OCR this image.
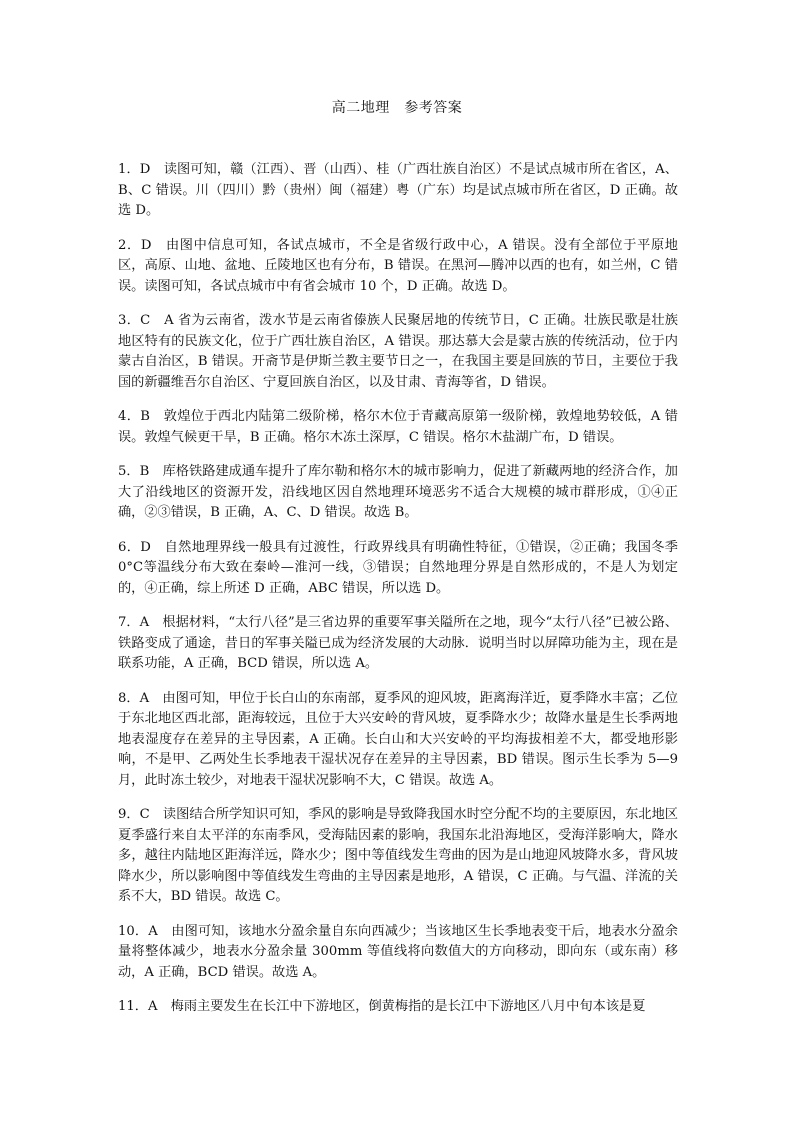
高二地理　参考答案

1．D　读图可知，赣（江西）、晋（山西）、桂（广西壮族自治区）不是试点城市所在省区，A、B、C 错误。川（四川）黔（贵州）闽（福建）粤（广东）均是试点城市所在省区，D 正确。故选 D。

2．D　由图中信息可知，各试点城市，不全是省级行政中心，A 错误。没有全部位于平原地区，高原、山地、盆地、丘陵地区也有分布，B 错误。在黑河—腾冲以西的也有，如兰州，C 错误。读图可知，各试点城市中有省会城市 10 个，D 正确。故选 D。

3．C　A 省为云南省，泼水节是云南省傣族人民聚居地的传统节日，C 正确。壮族民歌是壮族地区特有的民族文化，位于广西壮族自治区，A 错误。那达慕大会是蒙古族的传统活动，位于内蒙古自治区，B 错误。开斋节是伊斯兰教主要节日之一，在我国主要是回族的节日，主要位于我国的新疆维吾尔自治区、宁夏回族自治区，以及甘肃、青海等省，D 错误。

4．B　敦煌位于西北内陆第二级阶梯，格尔木位于青藏高原第一级阶梯，敦煌地势较低，A 错误。敦煌气候更干旱，B 正确。格尔木冻土深厚，C 错误。格尔木盐湖广布，D 错误。

5．B　库格铁路建成通车提升了库尔勒和格尔木的城市影响力，促进了新藏两地的经济合作，加大了沿线地区的资源开发，沿线地区因自然地理环境恶劣不适合大规模的城市群形成，①④正确，②③错误，B 正确，A、C、D 错误。故选 B。

6．D　自然地理界线一般具有过渡性，行政界线具有明确性特征，①错误，②正确；我国冬季 0°C等温线分布大致在秦岭—淮河一线，③错误；自然地理分界是自然形成的，不是人为划定的，④正确，综上所述 D 正确，ABC 错误，所以选 D。

7．A　根据材料，“太行八径”是三省边界的重要军事关隘所在之地，现今“太行八径”已被公路、铁路变成了通途，昔日的军事关隘已成为经济发展的大动脉．说明当时以屏障功能为主，现在是联系功能，A 正确，BCD 错误，所以选 A。

8．A　由图可知，甲位于长白山的东南部，夏季风的迎风坡，距离海洋近，夏季降水丰富；乙位于东北地区西北部，距海较远，且位于大兴安岭的背风坡，夏季降水少；故降水量是生长季两地地表湿度存在差异的主导因素，A 正确。长白山和大兴安岭的平均海拔相差不大，都受地形影响，不是甲、乙两处生长季地表干湿状况存在差异的主导因素，BD 错误。图示生长季为 5—9 月，此时冻土较少，对地表干湿状况影响不大，C 错误。故选 A。

9．C　读图结合所学知识可知，季风的影响是导致降我国水时空分配不均的主要原因，东北地区夏季盛行来自太平洋的东南季风，受海陆因素的影响，我国东北沿海地区，受海洋影响大，降水多，越往内陆地区距海洋远，降水少；图中等值线发生弯曲的因为是山地迎风坡降水多，背风坡降水少，所以影响图中等值线发生弯曲的主导因素是地形，A 错误，C 正确。与气温、洋流的关系不大，BD 错误。故选 C。

10．A　由图可知，该地水分盈余量自东向西减少；当该地区生长季地表变干后，地表水分盈余量将整体减少，地表水分盈余量 300mm 等值线将向数值大的方向移动，即向东（或东南）移动，A 正确，BCD 错误。故选 A。

11．A　梅雨主要发生在长江中下游地区，倒黄梅指的是长江中下游地区八月中旬本该是夏
